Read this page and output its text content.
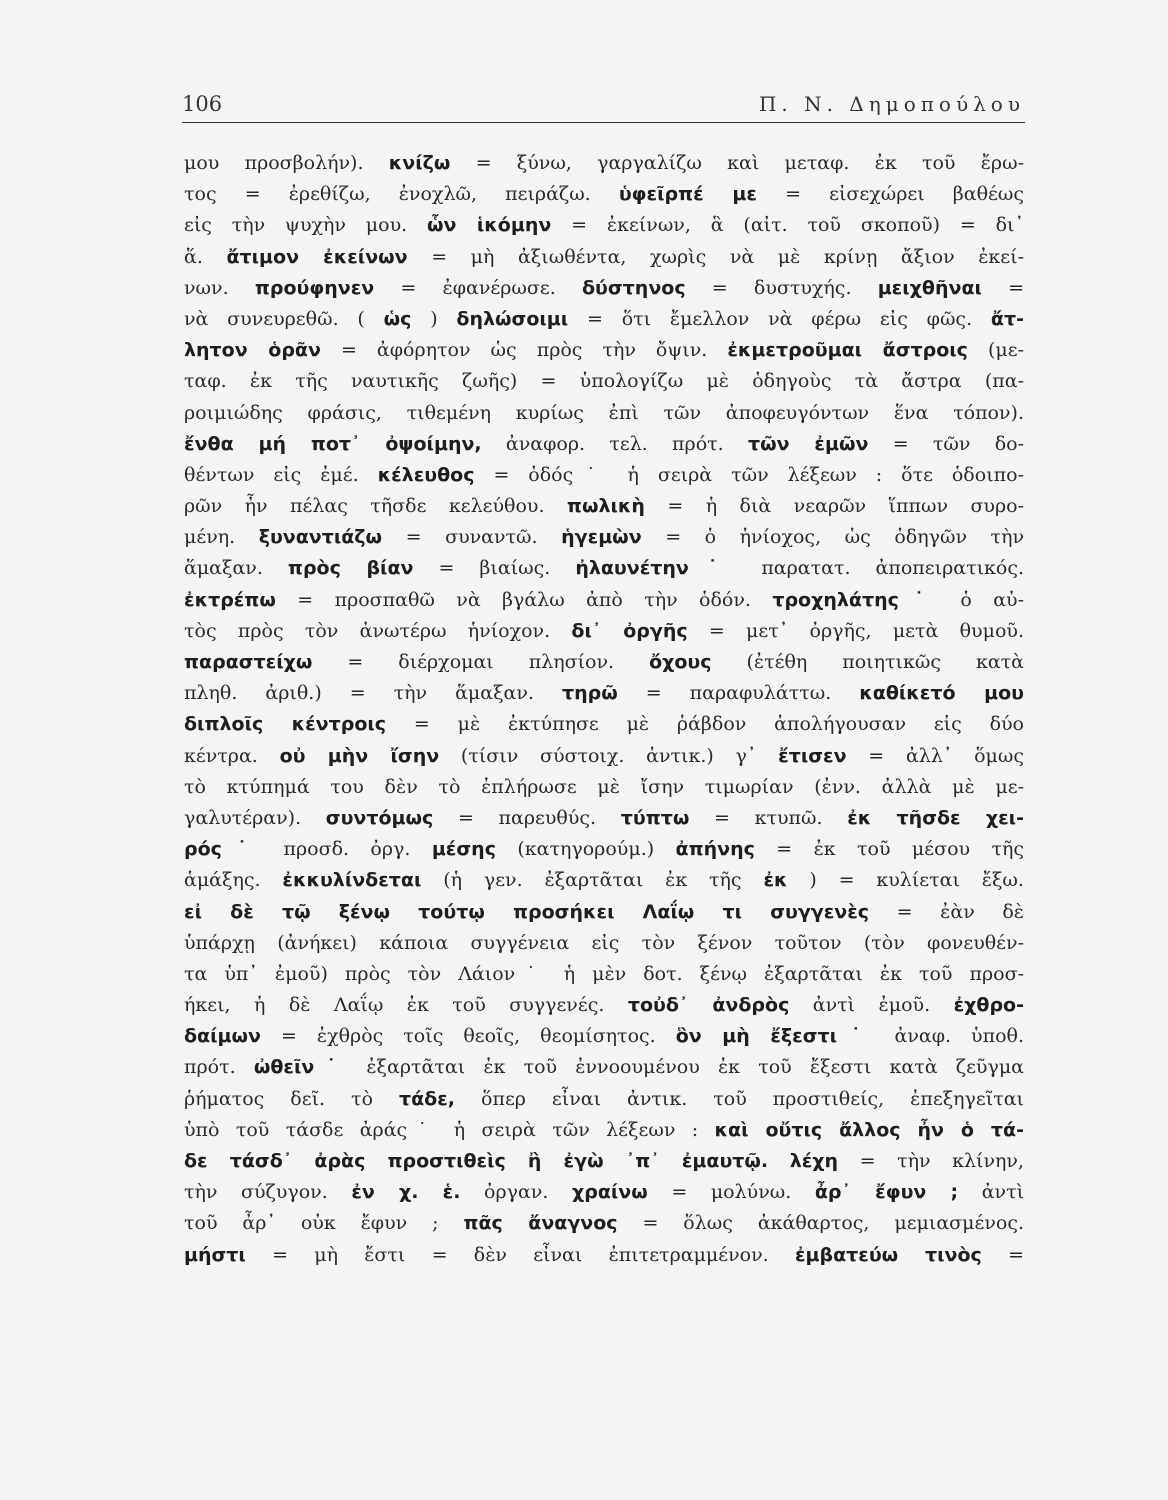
106	Π. Ν. Δημοπούλου
μου προσβολήν). κνίζω = ξύνω, γαργαλίζω καὶ μεταφ. ἐκ τοῦ ἔρω-
τος = ἐρεθίζω, ἐνοχλῶ, πειράζω. ὑφεῖρπέ με = εἰσεχώρει βαθέως
εἰς τὴν ψυχὴν μου. ὧν ἱκόμην = ἐκείνων, ἃ (αἰτ. τοῦ σκοποῦ) = δι᾽
ἅ. ἄτιμον ἐκείνων = μὴ ἀξιωθέντα, χωρὶς νὰ μὲ κρίνῃ ἄξιον ἐκεί-
νων. προύφηνεν = ἐφανέρωσε. δύστηνος = δυστυχής. μειχθῆναι =
νὰ συνευρεθῶ. ( ὡς ) δηλώσοιμι = ὅτι ἔμελλον νὰ φέρω εἰς φῶς. ἄτ-
λητον ὁρᾶν = ἀφόρητον ὡς πρὸς τὴν ὄψιν. ἐκμετροῦμαι ἄστροις (με-
ταφ. ἐκ τῆς ναυτικῆς ζωῆς) = ὑπολογίζω μὲ ὁδηγοὺς τὰ ἄστρα (πα-
ροιμιώδης φράσις, τιθεμένη κυρίως ἐπὶ τῶν ἀποφευγόντων ἕνα τόπον).
ἔνθα μή ποτ᾽ ὀψοίμην, ἀναφορ. τελ. πρότ. τῶν ἐμῶν = τῶν δο-
θέντων εἰς ἐμέ. κέλευθος = ὁδός˙ ἡ σειρὰ τῶν λέξεων : ὅτε ὁδοιπο-
ρῶν ἦν πέλας τῆσδε κελεύθου. πωλικὴ = ἡ διὰ νεαρῶν ἵππων συρο-
μένη. ξυναντιάζω = συναντῶ. ἡγεμὼν = ὁ ἡνίοχος, ὡς ὁδηγῶν τὴν
ἅμαξαν. πρὸς βίαν = βιαίως. ἠλαυνέτην˙ παρατατ. ἀποπειρατικός.
ἐκτρέπω = προσπαθῶ νὰ βγάλω ἀπὸ τὴν ὁδόν. τροχηλάτης˙ ὁ αὐ-
τὸς πρὸς τὸν ἀνωτέρω ἡνίοχον. δι᾽ ὀργῆς = μετ᾽ ὀργῆς, μετὰ θυμοῦ.
παραστείχω = διέρχομαι πλησίον. ὄχους (ἐτέθη ποιητικῶς κατὰ
πληθ. ἀριθ.) = τὴν ἅμαξαν. τηρῶ = παραφυλάττω. καθίκετό μου
διπλοῖς κέντροις = μὲ ἐκτύπησε μὲ ῥάβδον ἀπολήγουσαν εἰς δύο
κέντρα. οὐ μὴν ἴσην (τίσιν σύστοιχ. ἀντικ.) γ᾽ ἔτισεν = ἀλλ᾽ ὅμως
τὸ κτύπημά του δὲν τὸ ἐπλήρωσε μὲ ἴσην τιμωρίαν (ἐνν. ἀλλὰ μὲ με-
γαλυτέραν). συντόμως = παρευθύς. τύπτω = κτυπῶ. ἐκ τῆσδε χει-
ρός˙ προσδ. ὀργ. μέσης (κατηγορούμ.) ἀπήνης = ἐκ τοῦ μέσου τῆς
ἁμάξης. ἐκκυλίνδεται (ἡ γεν. ἐξαρτᾶται ἐκ τῆς ἐκ ) = κυλίεται ἔξω.
εἰ δὲ τῷ ξένῳ τούτῳ προσήκει Λαΐῳ τι συγγενὲς = ἐὰν δὲ
ὑπάρχῃ (ἀνήκει) κάποια συγγένεια εἰς τὸν ξένον τοῦτον (τὸν φονευθέν-
τα ὑπ᾽ ἐμοῦ) πρὸς τὸν Λάιον˙ ἡ μὲν δοτ. ξένῳ ἐξαρτᾶται ἐκ τοῦ προσ-
ήκει, ἡ δὲ Λαΐῳ ἐκ τοῦ συγγενές. τοὐδ᾽ ἀνδρὸς ἀντὶ ἐμοῦ. ἐχθρο-
δαίμων = ἐχθρὸς τοῖς θεοῖς, θεομίσητος. ὃν μὴ ἔξεστι˙ ἀναφ. ὑποθ.
πρότ. ὠθεῖν˙ ἐξαρτᾶται ἐκ τοῦ ἐννοουμένου ἐκ τοῦ ἔξεστι κατὰ ζεῦγμα
ῥήματος δεῖ. τὸ τάδε, ὅπερ εἶναι ἀντικ. τοῦ προστιθείς, ἐπεξηγεῖται
ὑπὸ τοῦ τάσδε ἀράς˙ ἡ σειρὰ τῶν λέξεων : καὶ οὔτις ἄλλος ἦν ὁ τά-
δε τάσδ᾽ ἀρὰς προστιθεὶς ἢ ἐγὼ ᾽π᾽ ἐμαυτῷ. λέχη = τὴν κλίνην,
τὴν σύζυγον. ἐν χ. ἑ. ὀργαν. χραίνω = μολύνω. ἆρ᾽ ἔφυν ; ἀντὶ
τοῦ ἆρ᾽ οὐκ ἔφυν ; πᾶς ἄναγνος = ὅλως ἀκάθαρτος, μεμιασμένος.
μήστι = μὴ ἔστι = δὲν εἶναι ἐπιτετραμμένον. ἐμβατεύω τινὸς =
